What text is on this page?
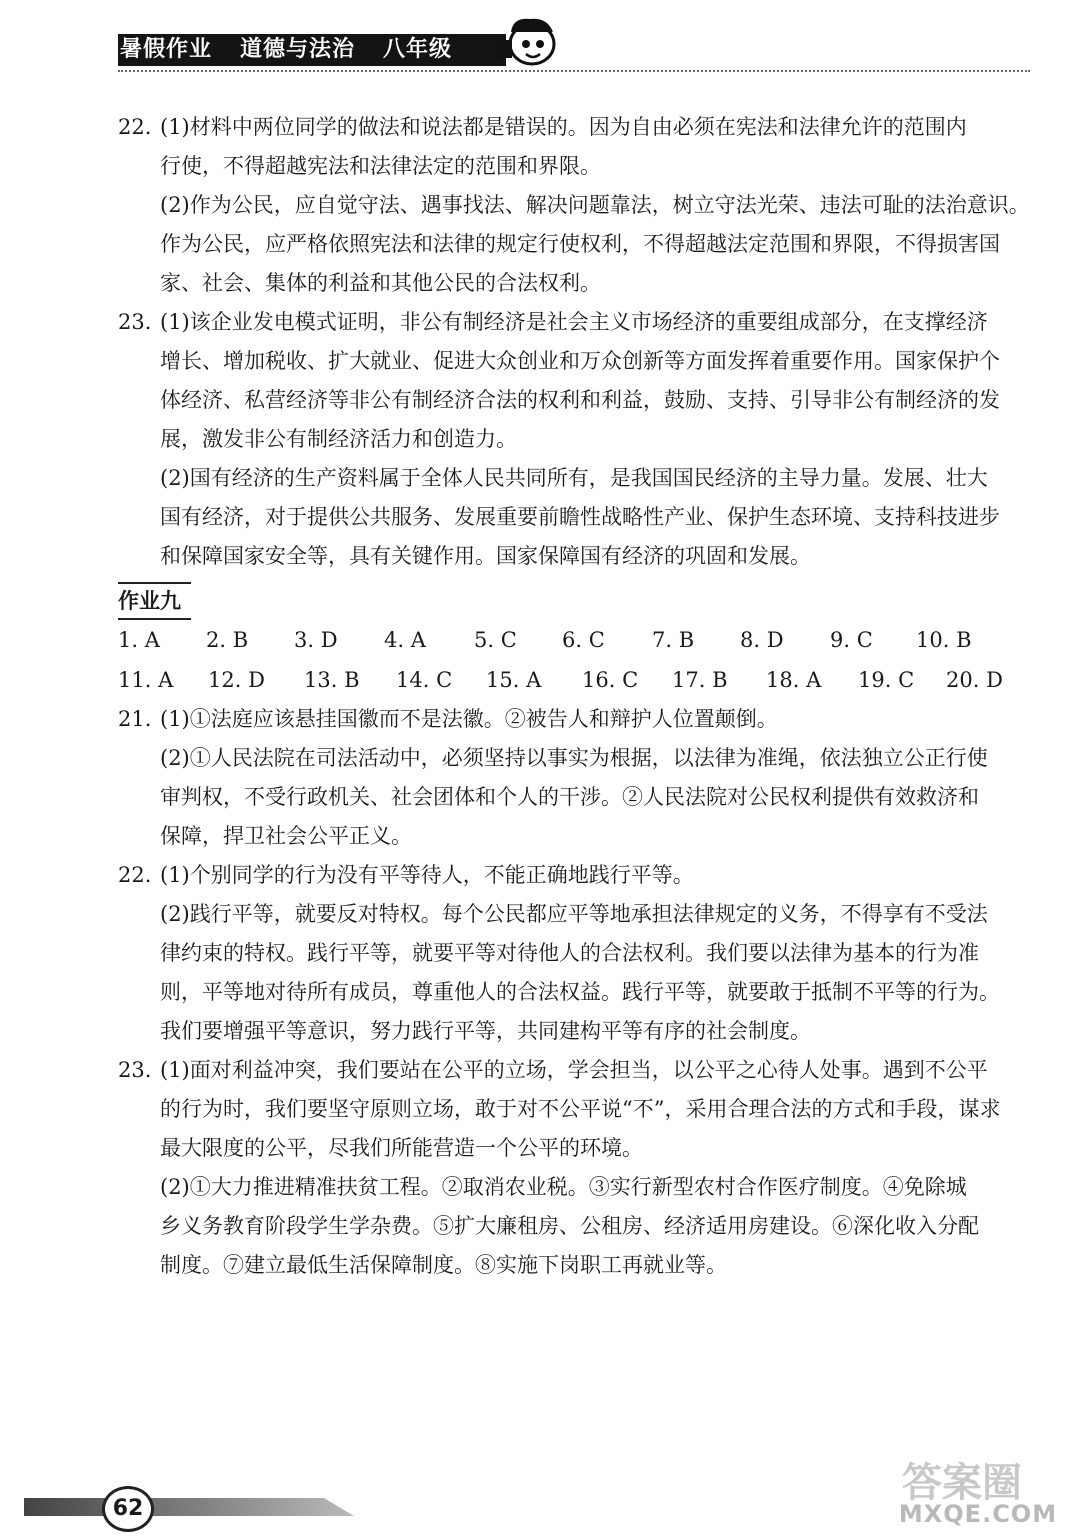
暑假作业 道德与法治 八年级
22. (1)材料中两位同学的做法和说法都是错误的。因为自由必须在宪法和法律允许的范围内
行使，不得超越宪法和法律法定的范围和界限。
(2)作为公民，应自觉守法、遇事找法、解决问题靠法，树立守法光荣、违法可耻的法治意识。
作为公民，应严格依照宪法和法律的规定行使权利，不得超越法定范围和界限，不得损害国
家、社会、集体的利益和其他公民的合法权利。
23. (1)该企业发电模式证明，非公有制经济是社会主义市场经济的重要组成部分，在支撑经济
增长、增加税收、扩大就业、促进大众创业和万众创新等方面发挥着重要作用。国家保护个
体经济、私营经济等非公有制经济合法的权利和利益，鼓励、支持、引导非公有制经济的发
展，激发非公有制经济活力和创造力。
(2)国有经济的生产资料属于全体人民共同所有，是我国国民经济的主导力量。发展、壮大
国有经济，对于提供公共服务、发展重要前瞻性战略性产业、保护生态环境、支持科技进步
和保障国家安全等，具有关键作用。国家保障国有经济的巩固和发展。
作业九
1. A	2. B	3. D	4. A	5. C	6. C	7. B	8. D	9. C	10. B
11. A	12. D	13. B	14. C	15. A	16. C	17. B	18. A	19. C	20. D
21. (1)①法庭应该悬挂国徽而不是法徽。②被告人和辩护人位置颠倒。
(2)①人民法院在司法活动中，必须坚持以事实为根据，以法律为准绳，依法独立公正行使
审判权，不受行政机关、社会团体和个人的干涉。②人民法院对公民权利提供有效救济和
保障，捍卫社会公平正义。
22. (1)个别同学的行为没有平等待人，不能正确地践行平等。
(2)践行平等，就要反对特权。每个公民都应平等地承担法律规定的义务，不得享有不受法
律约束的特权。践行平等，就要平等对待他人的合法权利。我们要以法律为基本的行为准
则，平等地对待所有成员，尊重他人的合法权益。践行平等，就要敢于抵制不平等的行为。
我们要增强平等意识，努力践行平等，共同建构平等有序的社会制度。
23. (1)面对利益冲突，我们要站在公平的立场，学会担当，以公平之心待人处事。遇到不公平
的行为时，我们要坚守原则立场，敢于对不公平说“不”，采用合理合法的方式和手段，谋求
最大限度的公平，尽我们所能营造一个公平的环境。
(2)①大力推进精准扶贫工程。②取消农业税。③实行新型农村合作医疗制度。④免除城
乡义务教育阶段学生学杂费。⑤扩大廉租房、公租房、经济适用房建设。⑥深化收入分配
制度。⑦建立最低生活保障制度。⑧实施下岗职工再就业等。
62
答案圈
MXQE.COM
